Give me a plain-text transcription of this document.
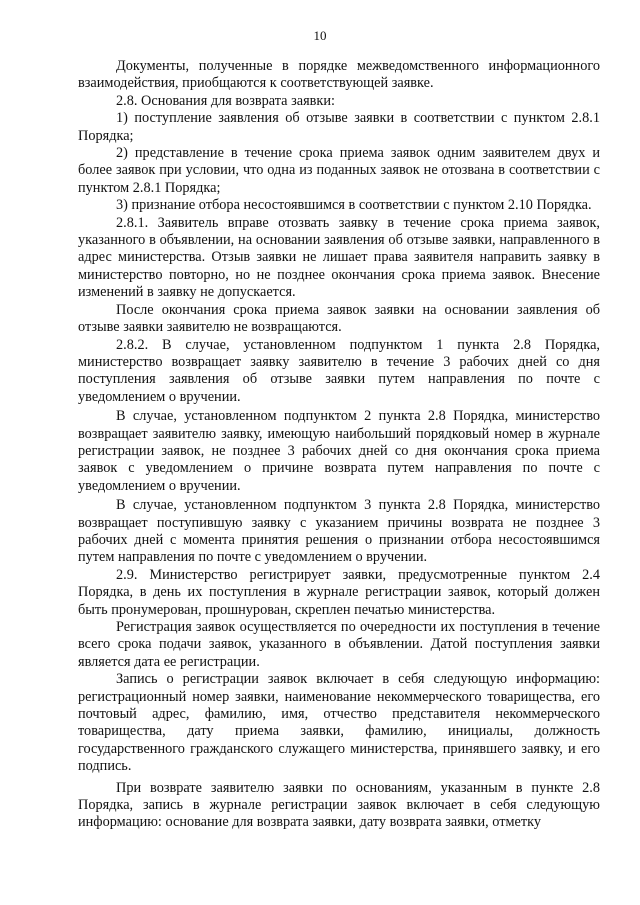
10

Документы, полученные в порядке межведомственного информационного взаимодействия, приобщаются к соответствующей заявке.

2.8. Основания для возврата заявки:

1) поступление заявления об отзыве заявки в соответствии с пунктом 2.8.1 Порядка;

2) представление в течение срока приема заявок одним заявителем двух и более заявок при условии, что одна из поданных заявок не отозвана в соответствии с пунктом 2.8.1 Порядка;

3) признание отбора несостоявшимся в соответствии с пунктом 2.10 Порядка.

2.8.1. Заявитель вправе отозвать заявку в течение срока приема заявок, указанного в объявлении, на основании заявления об отзыве заявки, направленного в адрес министерства. Отзыв заявки не лишает права заявителя направить заявку в министерство повторно, но не позднее окончания срока приема заявок. Внесение изменений в заявку не допускается.

После окончания срока приема заявок заявки на основании заявления об отзыве заявки заявителю не возвращаются.

2.8.2. В случае, установленном подпунктом 1 пункта 2.8 Порядка, министерство возвращает заявку заявителю в течение 3 рабочих дней со дня поступления заявления об отзыве заявки путем направления по почте с уведомлением о вручении.

В случае, установленном подпунктом 2 пункта 2.8 Порядка, министерство возвращает заявителю заявку, имеющую наибольший порядковый номер в журнале регистрации заявок, не позднее 3 рабочих дней со дня окончания срока приема заявок с уведомлением о причине возврата путем направления по почте с уведомлением о вручении.

В случае, установленном подпунктом 3 пункта 2.8 Порядка, министерство возвращает поступившую заявку с указанием причины возврата не позднее 3 рабочих дней с момента принятия решения о признании отбора несостоявшимся путем направления по почте с уведомлением о вручении.

2.9. Министерство регистрирует заявки, предусмотренные пунктом 2.4 Порядка, в день их поступления в журнале регистрации заявок, который должен быть пронумерован, прошнурован, скреплен печатью министерства.

Регистрация заявок осуществляется по очередности их поступления в течение всего срока подачи заявок, указанного в объявлении. Датой поступления заявки является дата ее регистрации.

Запись о регистрации заявок включает в себя следующую информацию: регистрационный номер заявки, наименование некоммерческого товарищества, его почтовый адрес, фамилию, имя, отчество представителя некоммерческого товарищества, дату приема заявки, фамилию, инициалы, должность государственного гражданского служащего министерства, принявшего заявку, и его подпись.

При возврате заявителю заявки по основаниям, указанным в пункте 2.8 Порядка, запись в журнале регистрации заявок включает в себя следующую информацию: основание для возврата заявки, дату возврата заявки, отметку
